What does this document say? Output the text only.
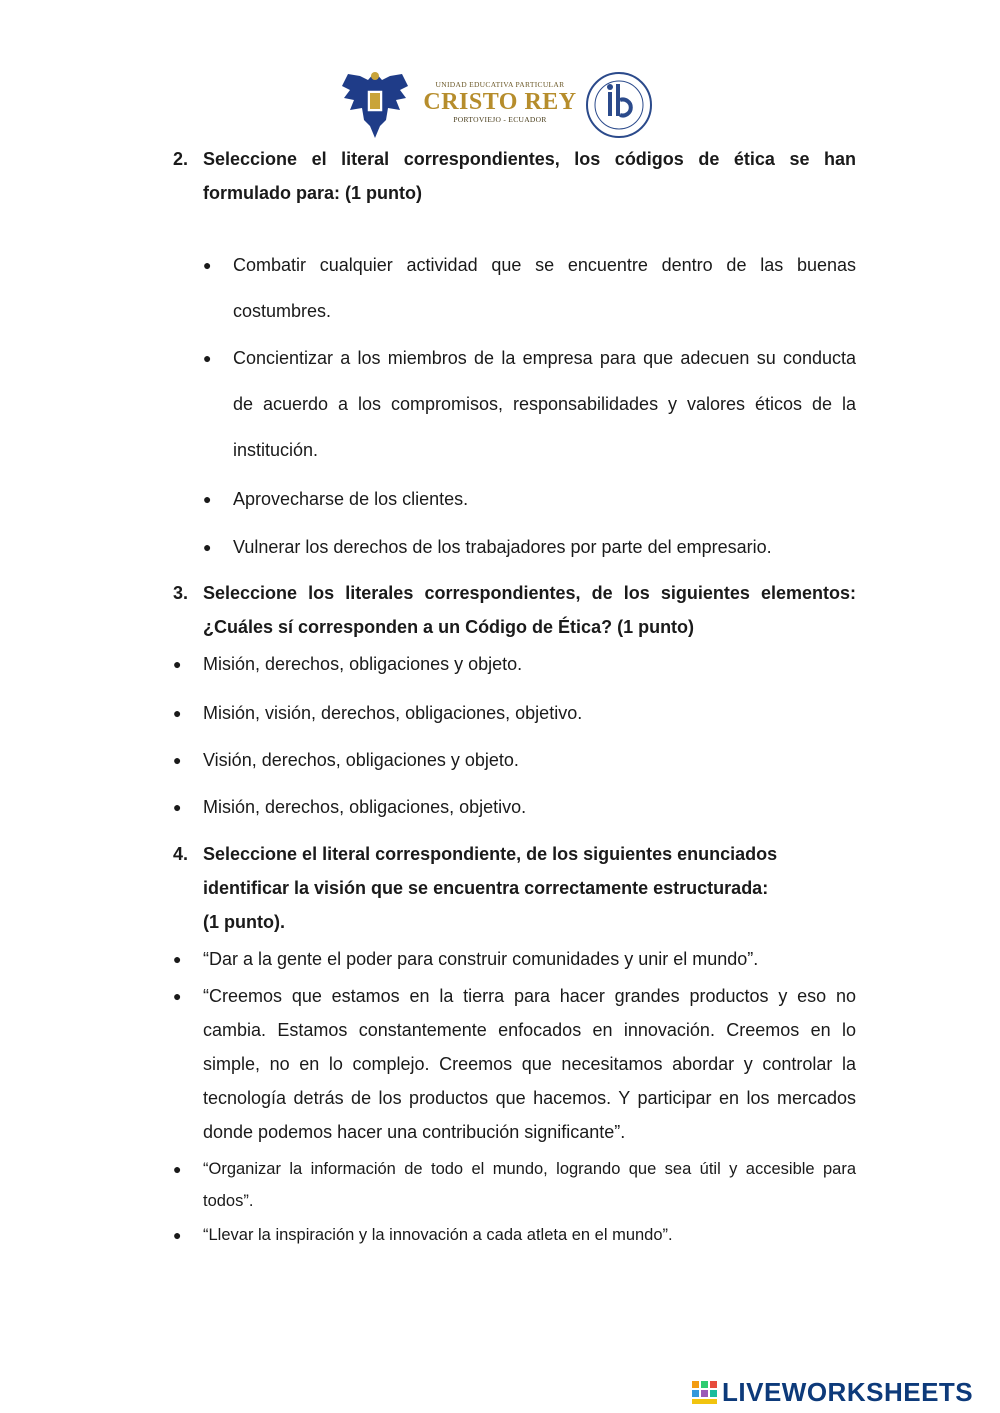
UNIDAD EDUCATIVA PARTICULAR
CRISTO REY
PORTOVIEJO - ECUADOR
2. Seleccione el literal correspondientes, los códigos de ética se han formulado para: (1 punto)
● Combatir cualquier actividad que se encuentre dentro de las buenas costumbres.
● Concientizar a los miembros de la empresa para que adecuen su conducta de acuerdo a los compromisos, responsabilidades y valores éticos de la institución.
● Aprovecharse de los clientes.
● Vulnerar los derechos de los trabajadores por parte del empresario.
3. Seleccione los literales correspondientes, de los siguientes elementos: ¿Cuáles sí corresponden a un Código de Ética? (1 punto)
● Misión, derechos, obligaciones y objeto.
● Misión, visión, derechos, obligaciones, objetivo.
● Visión, derechos, obligaciones y objeto.
● Misión, derechos, obligaciones, objetivo.
4. Seleccione el literal correspondiente, de los siguientes enunciados
identificar la visión que se encuentra correctamente estructurada:
(1 punto).
● “Dar a la gente el poder para construir comunidades y unir el mundo”.
● “Creemos que estamos en la tierra para hacer grandes productos y eso no cambia. Estamos constantemente enfocados en innovación. Creemos en lo simple, no en lo complejo. Creemos que necesitamos abordar y controlar la tecnología detrás de los productos que hacemos. Y participar en los mercados donde podemos hacer una contribución significante”.
● “Organizar la información de todo el mundo, logrando que sea útil y accesible para todos”.
● “Llevar la inspiración y la innovación a cada atleta en el mundo”.
LIVEWORKSHEETS
